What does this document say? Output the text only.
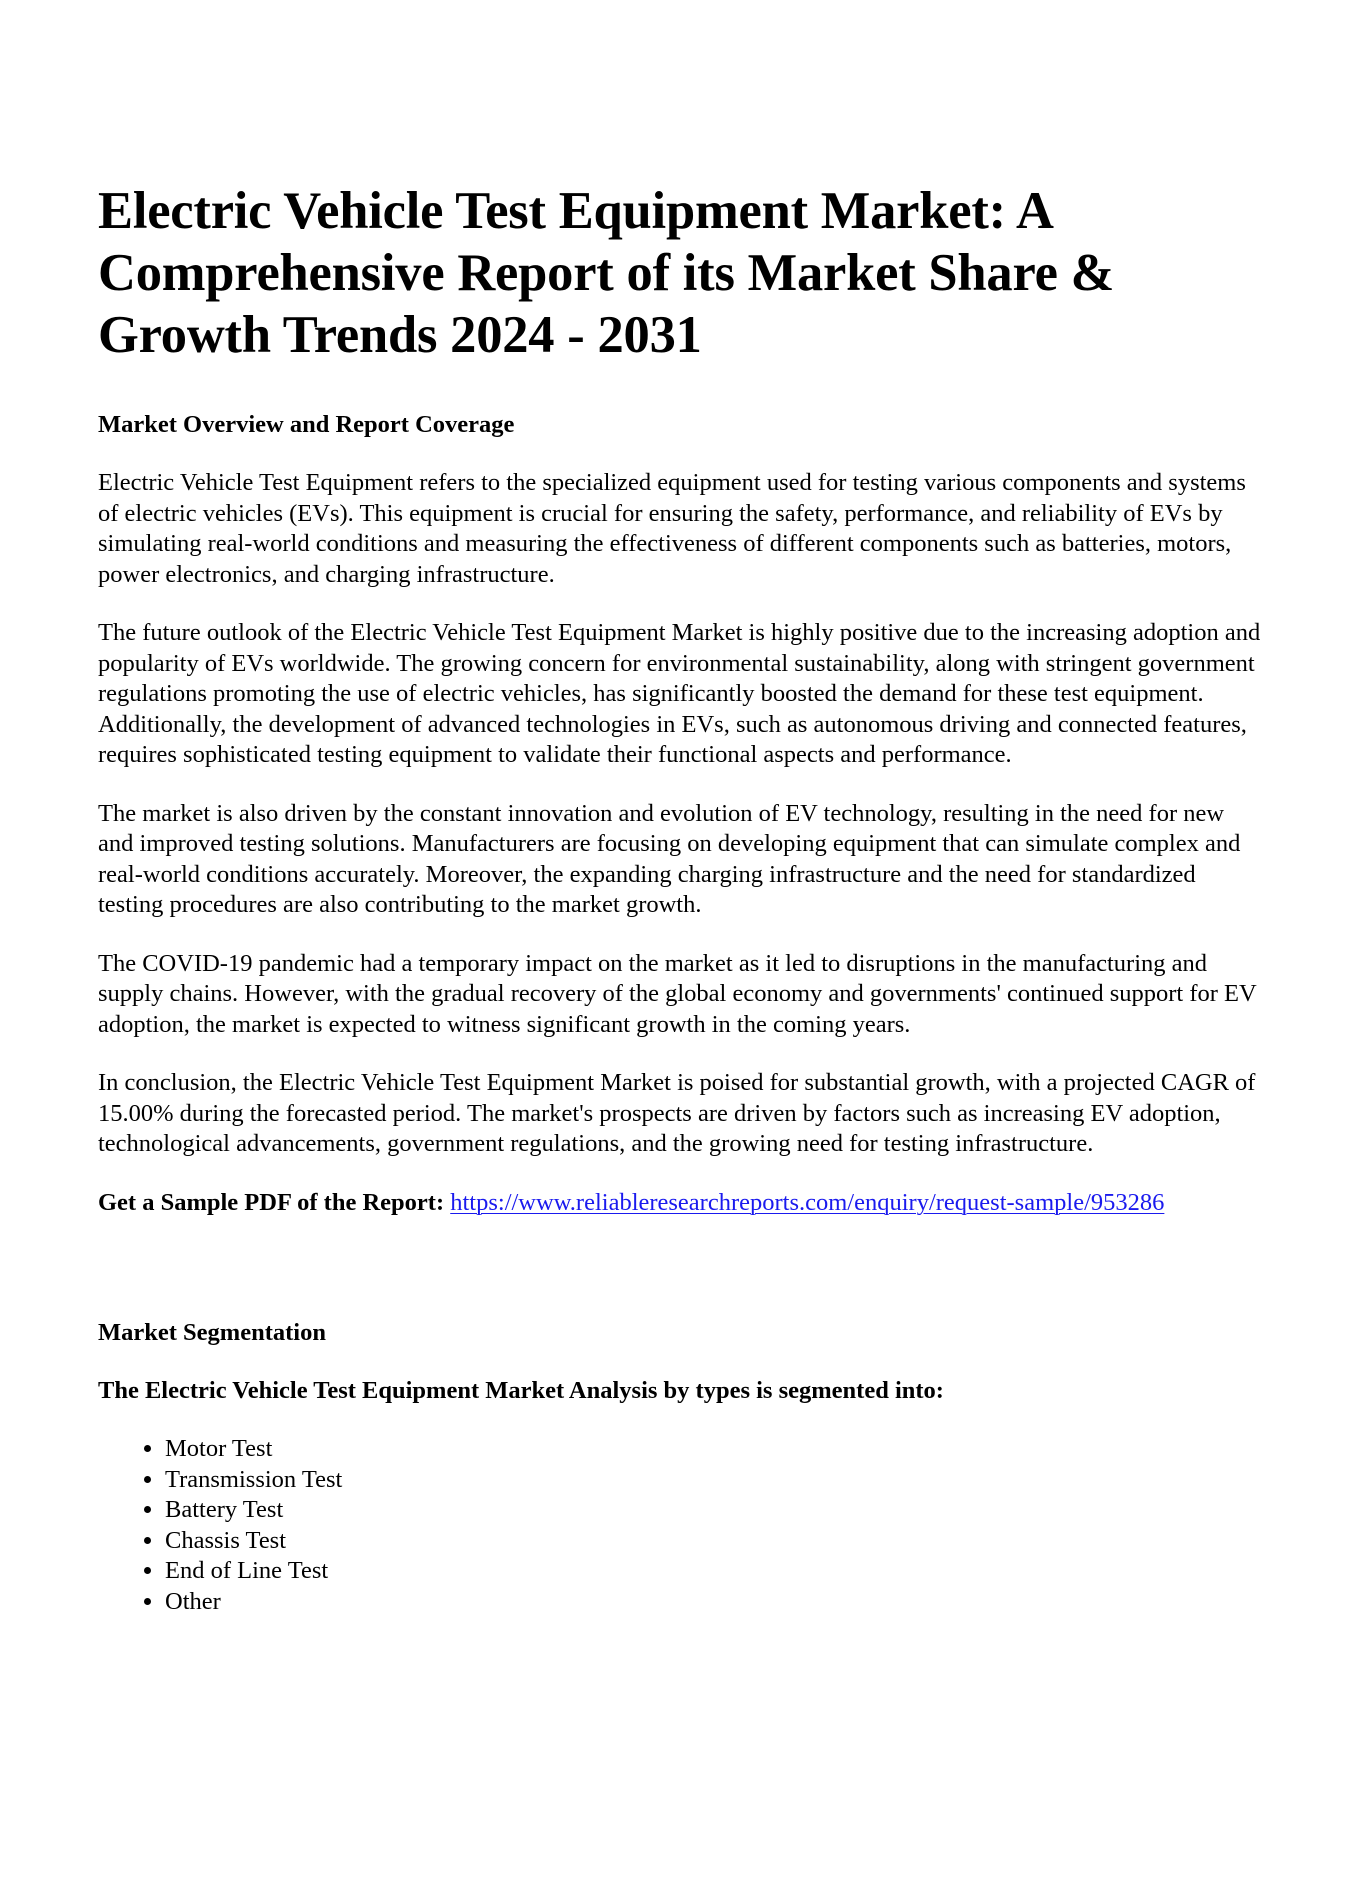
Electric Vehicle Test Equipment Market: A Comprehensive Report of its Market Share & Growth Trends 2024 - 2031
Market Overview and Report Coverage

Electric Vehicle Test Equipment refers to the specialized equipment used for testing various components and systems of electric vehicles (EVs). This equipment is crucial for ensuring the safety, performance, and reliability of EVs by simulating real-world conditions and measuring the effectiveness of different components such as batteries, motors, power electronics, and charging infrastructure.

The future outlook of the Electric Vehicle Test Equipment Market is highly positive due to the increasing adoption and popularity of EVs worldwide. The growing concern for environmental sustainability, along with stringent government regulations promoting the use of electric vehicles, has significantly boosted the demand for these test equipment. Additionally, the development of advanced technologies in EVs, such as autonomous driving and connected features, requires sophisticated testing equipment to validate their functional aspects and performance.

The market is also driven by the constant innovation and evolution of EV technology, resulting in the need for new and improved testing solutions. Manufacturers are focusing on developing equipment that can simulate complex and real-world conditions accurately. Moreover, the expanding charging infrastructure and the need for standardized testing procedures are also contributing to the market growth.

The COVID-19 pandemic had a temporary impact on the market as it led to disruptions in the manufacturing and supply chains. However, with the gradual recovery of the global economy and governments' continued support for EV adoption, the market is expected to witness significant growth in the coming years.

In conclusion, the Electric Vehicle Test Equipment Market is poised for substantial growth, with a projected CAGR of 15.00% during the forecasted period. The market's prospects are driven by factors such as increasing EV adoption, technological advancements, government regulations, and the growing need for testing infrastructure.

Get a Sample PDF of the Report: https://www.reliableresearchreports.com/enquiry/request-sample/953286

Market Segmentation
The Electric Vehicle Test Equipment Market Analysis by types is segmented into:
• Motor Test
• Transmission Test
• Battery Test
• Chassis Test
• End of Line Test
• Other
